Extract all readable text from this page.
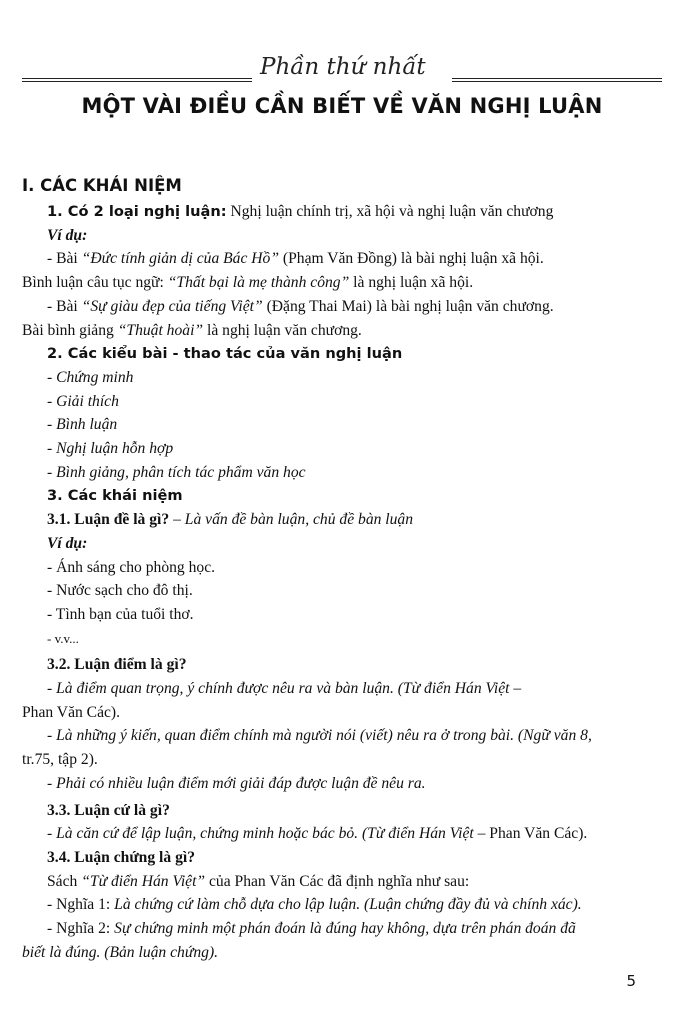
Phần thứ nhất
MỘT VÀI ĐIỀU CẦN BIẾT VỀ VĂN NGHỊ LUẬN

I. CÁC KHÁI NIỆM

1. Có 2 loại nghị luận: Nghị luận chính trị, xã hội và nghị luận văn chương

Ví dụ:

- Bài “Đức tính giản dị của Bác Hồ” (Phạm Văn Đồng) là bài nghị luận xã hội.

Bình luận câu tục ngữ: “Thất bại là mẹ thành công” là nghị luận xã hội.

- Bài “Sự giàu đẹp của tiếng Việt” (Đặng Thai Mai) là bài nghị luận văn chương.

Bài bình giảng “Thuật hoài” là nghị luận văn chương.

2. Các kiểu bài - thao tác của văn nghị luận

- Chứng minh

- Giải thích

- Bình luận

- Nghị luận hỗn hợp

- Bình giảng, phân tích tác phẩm văn học

3. Các khái niệm

3.1. Luận đề là gì? – Là vấn đề bàn luận, chủ đề bàn luận

Ví dụ:

- Ánh sáng cho phòng học.

- Nước sạch cho đô thị.

- Tình bạn của tuổi thơ.

- v.v...

3.2. Luận điểm là gì?

- Là điểm quan trọng, ý chính được nêu ra và bàn luận. (Từ điển Hán Việt –

Phan Văn Các).

- Là những ý kiến, quan điểm chính mà người nói (viết) nêu ra ở trong bài. (Ngữ văn 8,

tr.75, tập 2).

- Phải có nhiều luận điểm mới giải đáp được luận đề nêu ra.

3.3. Luận cứ là gì?

- Là căn cứ để lập luận, chứng minh hoặc bác bỏ. (Từ điển Hán Việt – Phan Văn Các).

3.4. Luận chứng là gì?

Sách “Từ điển Hán Việt” của Phan Văn Các đã định nghĩa như sau:

- Nghĩa 1: Là chứng cứ làm chỗ dựa cho lập luận. (Luận chứng đầy đủ và chính xác).

- Nghĩa 2: Sự chứng minh một phán đoán là đúng hay không, dựa trên phán đoán đã

biết là đúng. (Bản luận chứng).

5
